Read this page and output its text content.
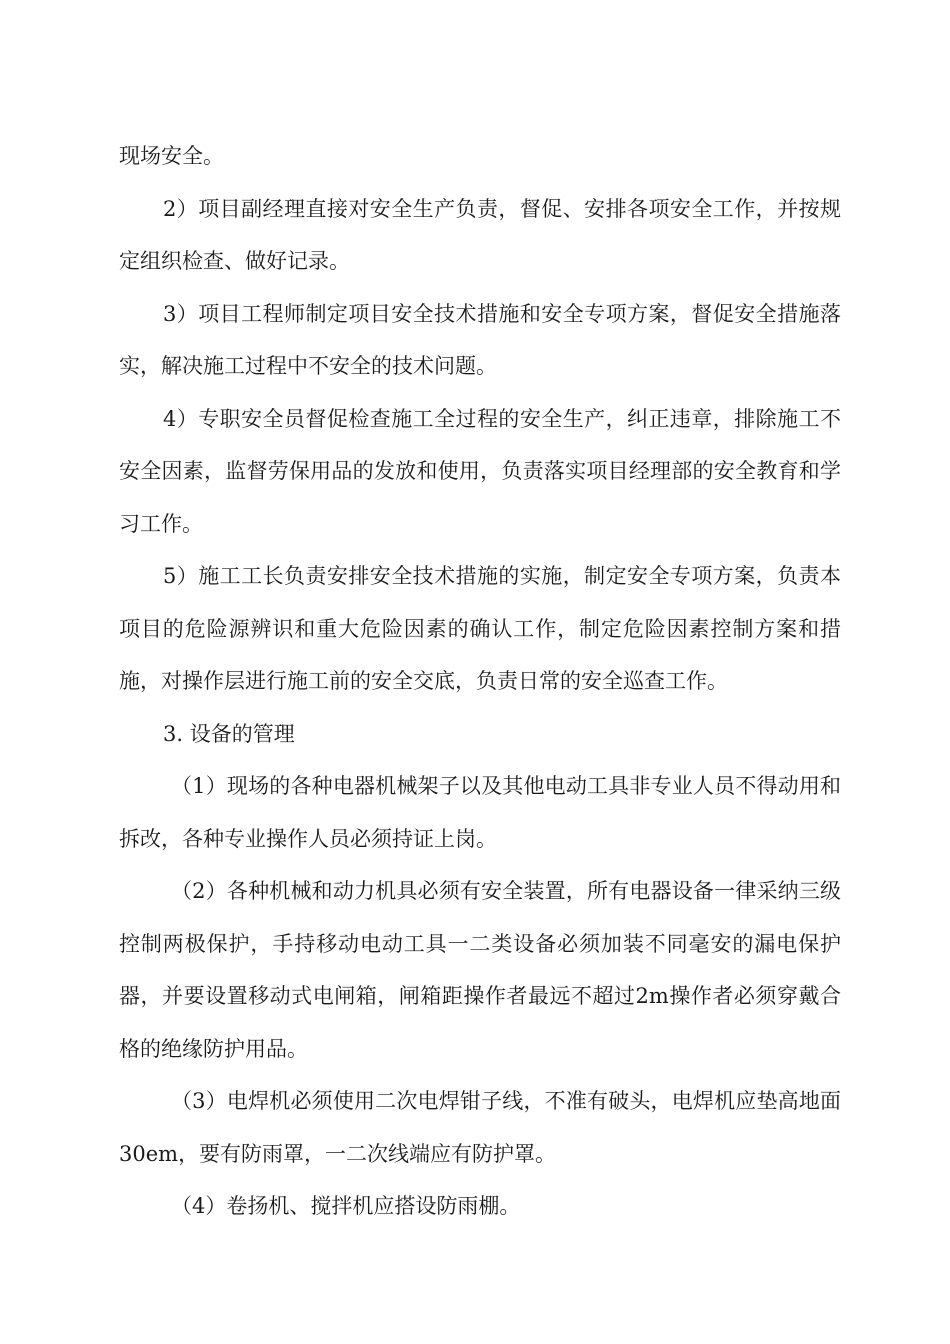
现场安全。

2）项目副经理直接对安全生产负责，督促、安排各项安全工作，并按规定组织检查、做好记录。

3）项目工程师制定项目安全技术措施和安全专项方案，督促安全措施落实，解决施工过程中不安全的技术问题。

4）专职安全员督促检查施工全过程的安全生产，纠正违章，排除施工不安全因素，监督劳保用品的发放和使用，负责落实项目经理部的安全教育和学习工作。

5）施工工长负责安排安全技术措施的实施，制定安全专项方案，负责本项目的危险源辨识和重大危险因素的确认工作，制定危险因素控制方案和措施，对操作层进行施工前的安全交底，负责日常的安全巡查工作。

3. 设备的管理

（1）现场的各种电器机械架子以及其他电动工具非专业人员不得动用和拆改，各种专业操作人员必须持证上岗。

（2）各种机械和动力机具必须有安全装置，所有电器设备一律采纳三级控制两极保护，手持移动电动工具一二类设备必须加装不同毫安的漏电保护器，并要设置移动式电闸箱，闸箱距操作者最远不超过2m操作者必须穿戴合格的绝缘防护用品。

（3）电焊机必须使用二次电焊钳子线，不准有破头，电焊机应垫高地面30em，要有防雨罩，一二次线端应有防护罩。

（4）卷扬机、搅拌机应搭设防雨棚。
